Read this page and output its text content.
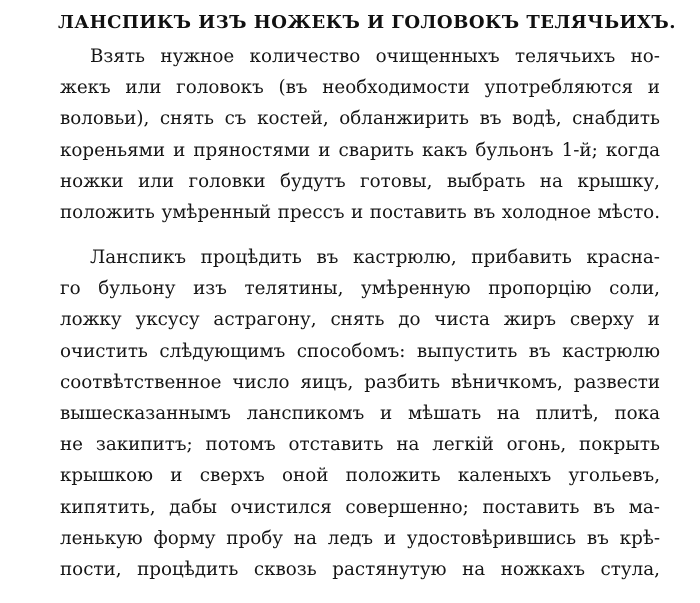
ЛАНСПИКЪ ИЗЪ НОЖЕКЪ И ГОЛОВОКЪ ТЕЛЯЧЬИХЪ.
Взять нужное количество очищенныхъ телячьихъ но-
жекъ или головокъ (въ необходимости употребляются и
воловьи), снять съ костей, обланжирить въ водѣ, снабдить
кореньями и пряностями и сварить какъ бульонъ 1-й; когда
ножки или головки будутъ готовы, выбрать на крышку,
положить умѣренный прессъ и поставить въ холодное мѣсто.
Ланспикъ процѣдить въ кастрюлю, прибавить красна-
го бульону изъ телятины, умѣренную пропорцію соли,
ложку уксусу астрагону, снять до чиста жиръ сверху и
очистить слѣдующимъ способомъ: выпустить въ кастрюлю
соотвѣтственное число яицъ, разбить вѣничкомъ, развести
вышесказаннымъ ланспикомъ и мѣшать на плитѣ, пока
не закипитъ; потомъ отставить на легкій огонь, покрыть
крышкою и сверхъ оной положить каленыхъ угольевъ,
кипятить, дабы очистился совершенно; поставить въ ма-
ленькую форму пробу на ледъ и удостовѣрившись въ крѣ-
пости, процѣдить сквозь растянутую на ножкахъ стула,
